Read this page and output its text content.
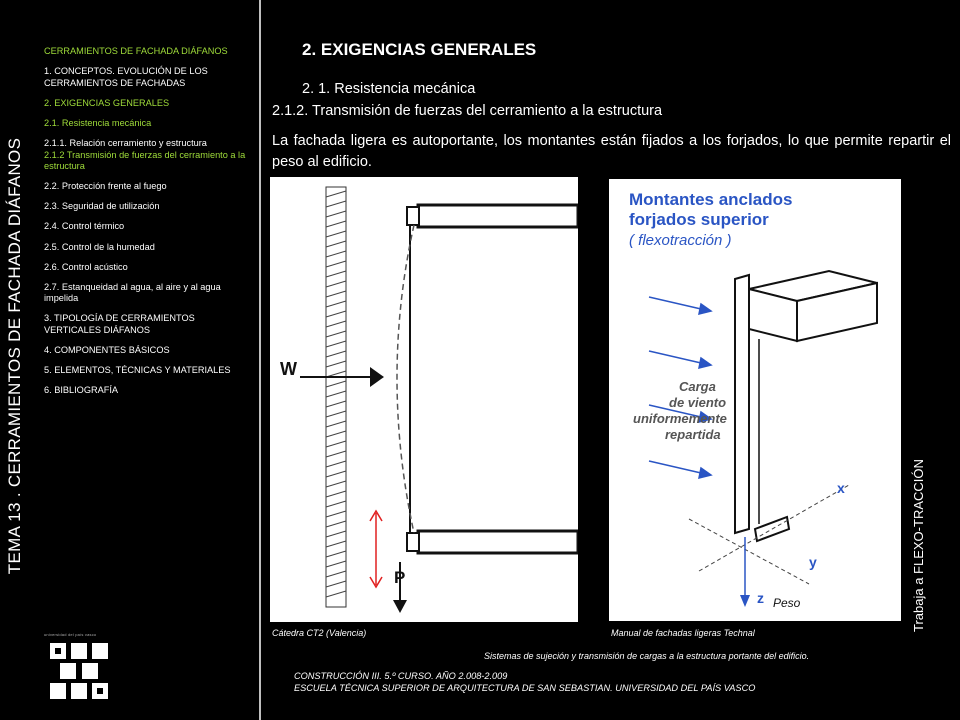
TEMA 13 . CERRAMIENTOS DE FACHADA DIÁFANOS
CERRAMIENTOS DE FACHADA DIÁFANOS
1. CONCEPTOS. EVOLUCIÓN DE LOS CERRAMIENTOS DE FACHADAS
2. EXIGENCIAS GENERALES
2.1. Resistencia mecánica
2.1.1. Relación cerramiento y estructura
2.1.2 Transmisión de fuerzas del cerramiento a la estructura
2.2. Protección frente al fuego
2.3. Seguridad de utilización
2.4. Control térmico
2.5. Control de la humedad
2.6. Control acústico
2.7. Estanqueidad al agua, al aire y al agua impelida
3. TIPOLOGÍA DE CERRAMIENTOS VERTICALES DIÁFANOS
4. COMPONENTES BÁSICOS
5. ELEMENTOS, TÉCNICAS Y MATERIALES
6. BIBLIOGRAFÍA
universidad del país vasco
2. EXIGENCIAS GENERALES
2. 1. Resistencia mecánica
2.1.2. Transmisión de fuerzas del cerramiento a la estructura
La fachada ligera es autoportante, los montantes están fijados a los forjados, lo que permite repartir el peso al edificio.
W
P
Montantes anclados
forjados superior
( flexotracción )
x
y
z Peso
Carga
de viento
uniformemente
repartida
Cátedra CT2 (Valencia)	Manual de fachadas ligeras Technal
Trabaja a FLEXO-TRACCIÓN
Sistemas de sujeción y transmisión de cargas a la estructura portante del edificio.
CONSTRUCCIÓN III. 5.º CURSO. AÑO 2.008-2.009
ESCUELA TÉCNICA SUPERIOR DE ARQUITECTURA DE SAN SEBASTIAN. UNIVERSIDAD DEL PAÍS VASCO
